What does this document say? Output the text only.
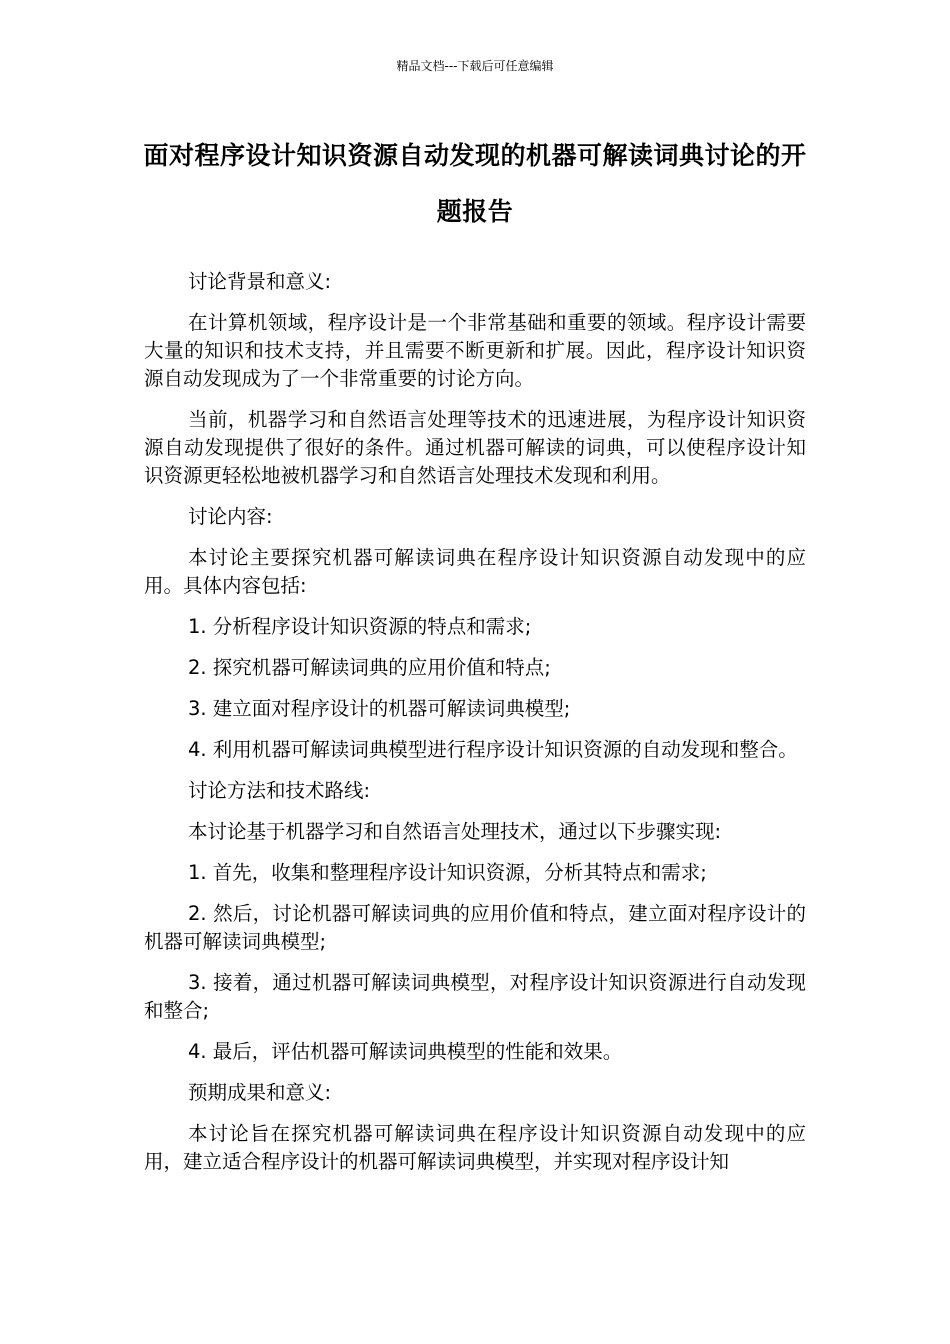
精品文档---下载后可任意编辑
面对程序设计知识资源自动发现的机器可解读词典讨论的开题报告

讨论背景和意义:

在计算机领域，程序设计是一个非常基础和重要的领域。程序设计需要大量的知识和技术支持，并且需要不断更新和扩展。因此，程序设计知识资源自动发现成为了一个非常重要的讨论方向。

当前，机器学习和自然语言处理等技术的迅速进展，为程序设计知识资源自动发现提供了很好的条件。通过机器可解读的词典，可以使程序设计知识资源更轻松地被机器学习和自然语言处理技术发现和利用。

讨论内容:

本讨论主要探究机器可解读词典在程序设计知识资源自动发现中的应用。具体内容包括:

1. 分析程序设计知识资源的特点和需求;

2. 探究机器可解读词典的应用价值和特点;

3. 建立面对程序设计的机器可解读词典模型;

4. 利用机器可解读词典模型进行程序设计知识资源的自动发现和整合。

讨论方法和技术路线:

本讨论基于机器学习和自然语言处理技术，通过以下步骤实现:

1. 首先，收集和整理程序设计知识资源，分析其特点和需求;

2. 然后，讨论机器可解读词典的应用价值和特点，建立面对程序设计的机器可解读词典模型;

3. 接着，通过机器可解读词典模型，对程序设计知识资源进行自动发现和整合;

4. 最后，评估机器可解读词典模型的性能和效果。

预期成果和意义:

本讨论旨在探究机器可解读词典在程序设计知识资源自动发现中的应用，建立适合程序设计的机器可解读词典模型，并实现对程序设计知
